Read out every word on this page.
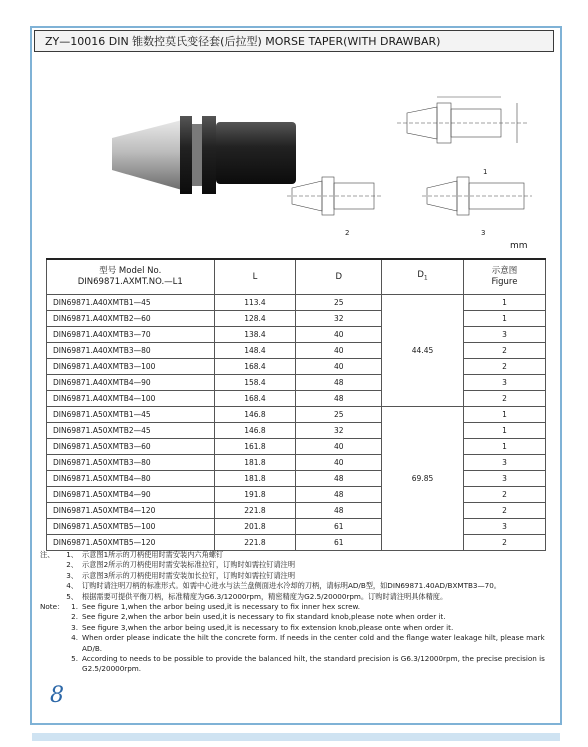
ZY—10016 DIN 锥数控莫氏变径套(后拉型) MORSE TAPER(WITH DRAWBAR)
1
2	3
mm
型号 Model No.
DIN69871.AXMT.NO.—L1	L	D	$D_1$	示意图
Figure
DIN69871.A40XMTB1—45	113.4	25	44.45	1
DIN69871.A40XMTB2—60	128.4	32		1
DIN69871.A40XMTB3—70	138.4	40		3
DIN69871.A40XMTB3—80	148.4	40		2
DIN69871.A40XMTB3—100	168.4	40		2
DIN69871.A40XMTB4—90	158.4	48		3
DIN69871.A40XMTB4—100	168.4	48		2
DIN69871.A50XMTB1—45	146.8	25	69.85	1
DIN69871.A50XMTB2—45	146.8	32		1
DIN69871.A50XMTB3—60	161.8	40		1
DIN69871.A50XMTB3—80	181.8	40		3
DIN69871.A50XMTB4—80	181.8	48		3
DIN69871.A50XMTB4—90	191.8	48		2
DIN69871.A50XMTB4—120	221.8	48		2
DIN69871.A50XMTB5—100	201.8	61		3
DIN69871.A50XMTB5—120	221.8	61		2
注、	1、 示意图1所示的刀柄使用时需安装内六角螺钉
2、 示意图2所示的刀柄使用时需安装标准拉钉，订购时如需拉钉请注明
3、 示意图3所示的刀柄使用时需安装加长拉钉，订购时如需拉钉请注明
4、 订购时请注明刀柄的标准形式。如需中心进水与法兰盘侧面进水冷却的刀柄，请标明AD/B型，如DIN69871.40AD/BXMTB3—70。
5、 根据需要可提供平衡刀柄，标准精度为G6.3/12000rpm，精密精度为G2.5/20000rpm。订购时请注明具体精度。
Note： 1. See figure 1,when the arbor being used,it is necessary to fix inner hex screw.
2. See figure 2,when the arbor bein used,it is necessary to fix standard knob,please note when order it.
3. See figure 3,when the arbor being used,it is necessary to fix extension knob,please onte when order it.
4. When order please indicate the hilt the concrete form. If needs in the center cold and the flange water leakage hilt, please mark AD/B.
5. According to needs to be possible to provide the balanced hilt, the standard precision is G6.3/12000rpm, the precise precision is G2.5/20000rpm.
8
